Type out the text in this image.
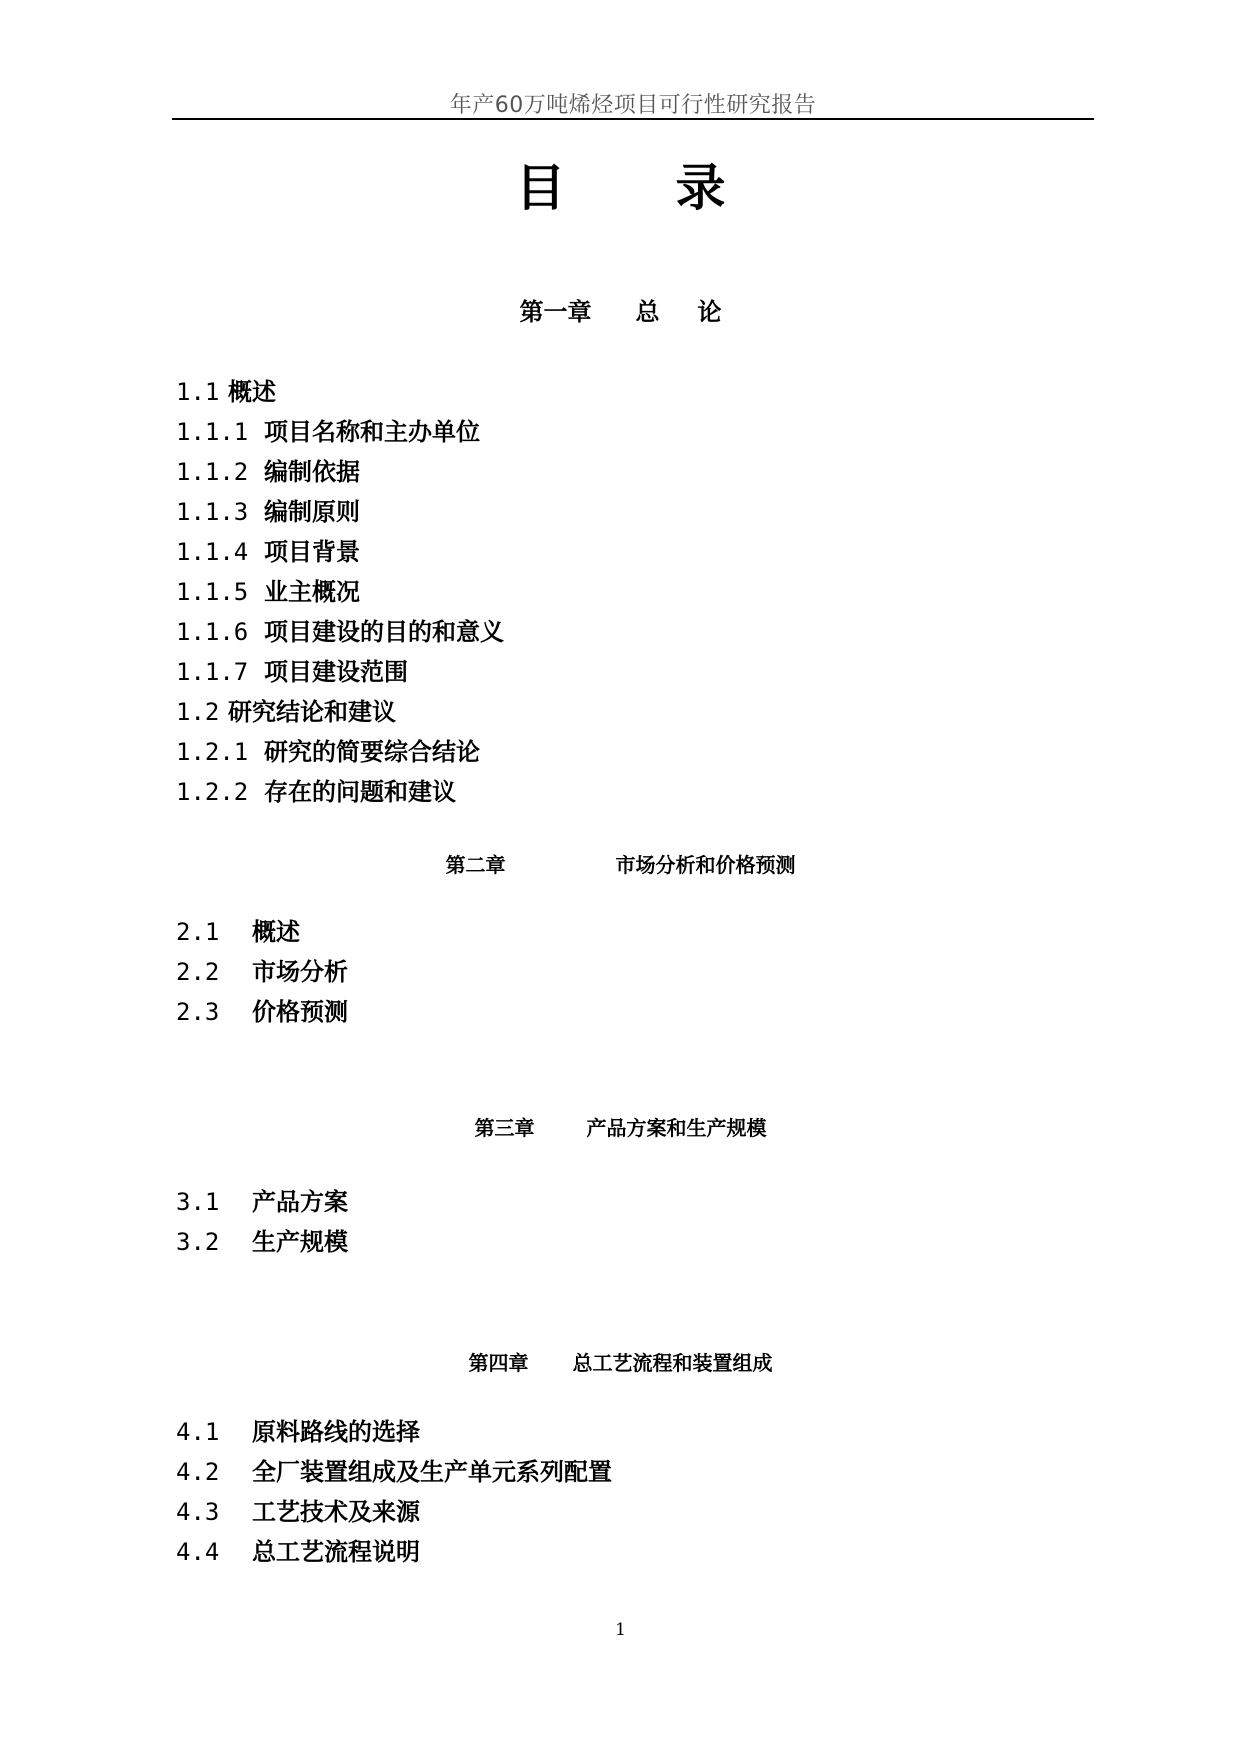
年产60万吨烯烃项目可行性研究报告
目 录
第一章 总 论
1.1 概述
1.1.1 项目名称和主办单位
1.1.2 编制依据
1.1.3 编制原则
1.1.4 项目背景
1.1.5 业主概况
1.1.6 项目建设的目的和意义
1.1.7 项目建设范围
1.2 研究结论和建议
1.2.1 研究的简要综合结论
1.2.2 存在的问题和建议
第二章	市场分析和价格预测
2.1 概述
2.2 市场分析
2.3 价格预测
第三章	产品方案和生产规模
3.1 产品方案
3.2 生产规模
第四章 总工艺流程和装置组成
4.1 原料路线的选择
4.2 全厂装置组成及生产单元系列配置
4.3 工艺技术及来源
4.4 总工艺流程说明
1
